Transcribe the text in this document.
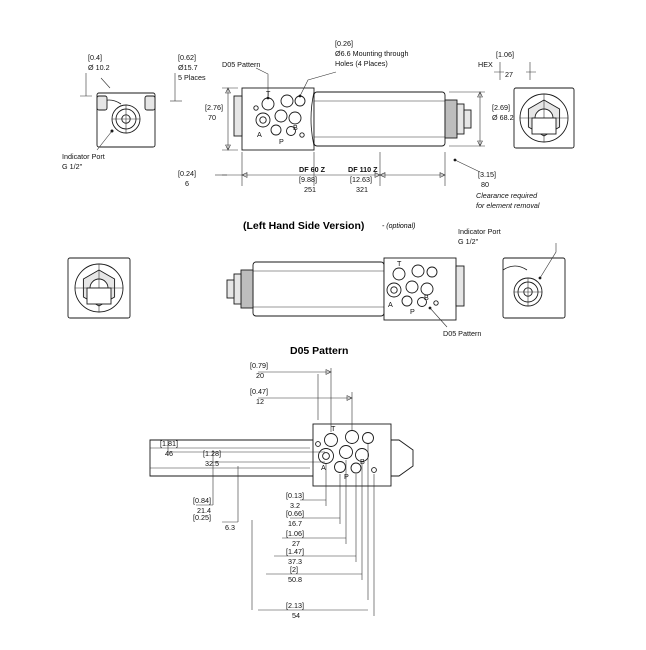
[0.4]
Ø 10.2
Indicator Port
G 1/2"
[0.62]
Ø15.7
5 Places
D05 Pattern
[0.26]
Ø6.6 Mounting through
Holes (4 Places)
[2.76]
70
[2.69]
Ø 68.2
[1.06]
HEX
27
[0.24]
6
DF 60 Z
[9.88]
251
DF 110 Z
[12.63]
321
[3.15]
80
Clearance required
for element removal
T
A
P
B
(Left Hand Side Version)	- (optional)
Indicator Port
G 1/2"
D05 Pattern
T
A
P
B
D05 Pattern
[0.79]
20
[0.47]
12
[1.81]
46	[1.28]
32.5
[0.84]
21.4
[0.25]
6.3
[0.13]
3.2
[0.66]
16.7
[1.06]
27
[1.47]
37.3
[2]
50.8
[2.13]
54
T
A
P
B
